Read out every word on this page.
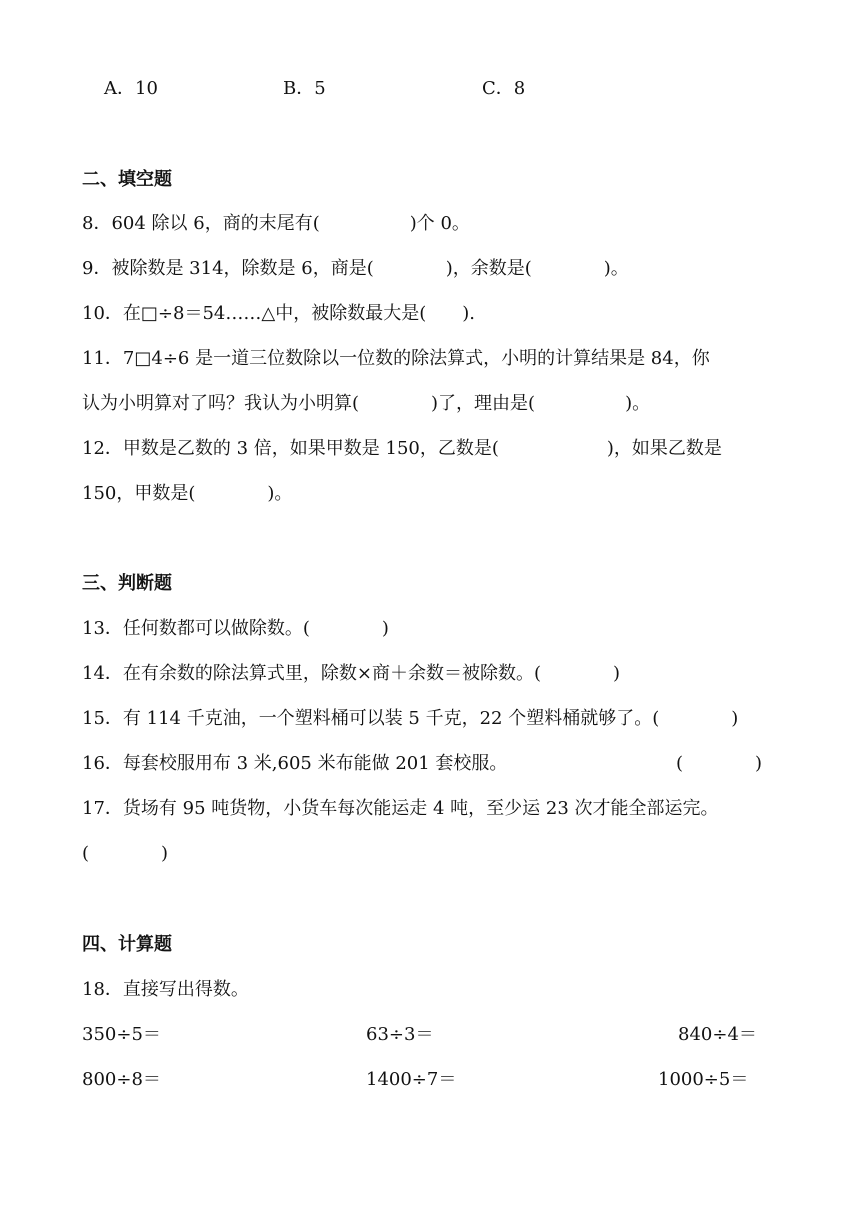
A．10	B．5	C．8
二、填空题
8．604 除以 6，商的末尾有(　　　　　)个 0。
9．被除数是 314，除数是 6，商是(　　　　)，余数是(　　　　)。
10．在□÷8＝54……△中，被除数最大是(　　).
11．7□4÷6 是一道三位数除以一位数的除法算式，小明的计算结果是 84，你
认为小明算对了吗？我认为小明算(　　　　)了，理由是(　　　　　)。
12．甲数是乙数的 3 倍，如果甲数是 150，乙数是(　　　　　　)，如果乙数是
150，甲数是(　　　　)。
三、判断题
13．任何数都可以做除数。(　　　　)
14．在有余数的除法算式里，除数×商＋余数＝被除数。(　　　　)
15．有 114 千克油，一个塑料桶可以装 5 千克，22 个塑料桶就够了。(　　　　)
16．每套校服用布 3 米,605 米布能做 201 套校服。	(　　　　)
17．货场有 95 吨货物，小货车每次能运走 4 吨，至少运 23 次才能全部运完。
(　　　　)
四、计算题
18．直接写出得数。
350÷5＝	63÷3＝	840÷4＝
800÷8＝	1400÷7＝	1000÷5＝
